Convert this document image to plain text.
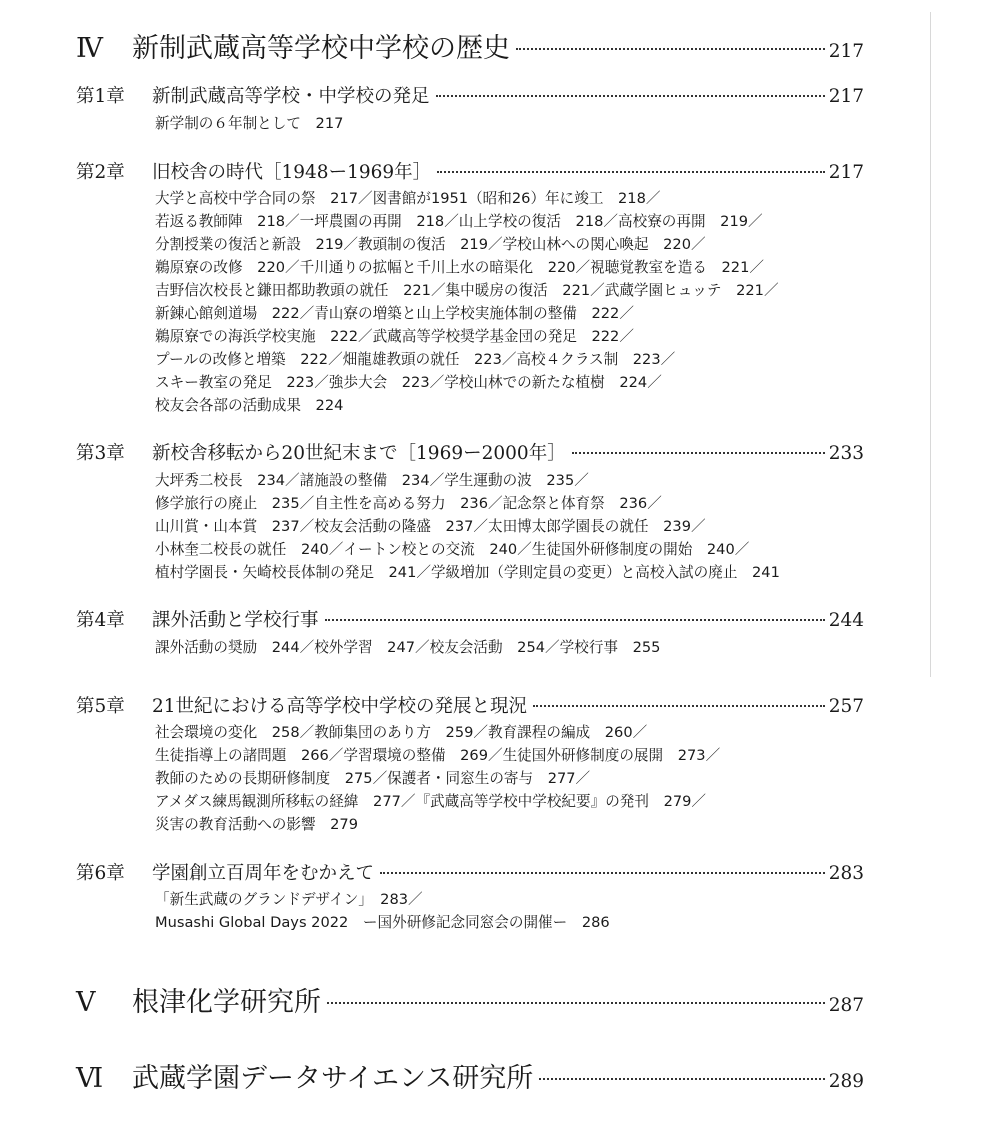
Ⅳ	新制武蔵高等学校中学校の歴史	217
第1章	新制武蔵高等学校・中学校の発足	217
新学制の６年制として　217
第2章	旧校舎の時代［1948ー1969年］	217
大学と高校中学合同の祭　217／図書館が1951（昭和26）年に竣工　218／
若返る教師陣　218／一坪農園の再開　218／山上学校の復活　218／高校寮の再開　219／
分割授業の復活と新設　219／教頭制の復活　219／学校山林への関心喚起　220／
鵜原寮の改修　220／千川通りの拡幅と千川上水の暗渠化　220／視聴覚教室を造る　221／
吉野信次校長と鎌田都助教頭の就任　221／集中暖房の復活　221／武蔵学園ヒュッテ　221／
新錬心館剣道場　222／青山寮の増築と山上学校実施体制の整備　222／
鵜原寮での海浜学校実施　222／武蔵高等学校奨学基金団の発足　222／
プールの改修と増築　222／畑龍雄教頭の就任　223／高校４クラス制　223／
スキー教室の発足　223／強歩大会　223／学校山林での新たな植樹　224／
校友会各部の活動成果　224
第3章	新校舎移転から20世紀末まで［1969ー2000年］	233
大坪秀二校長　234／諸施設の整備　234／学生運動の波　235／
修学旅行の廃止　235／自主性を高める努力　236／記念祭と体育祭　236／
山川賞・山本賞　237／校友会活動の隆盛　237／太田博太郎学園長の就任　239／
小林奎二校長の就任　240／イートン校との交流　240／生徒国外研修制度の開始　240／
植村学園長・矢崎校長体制の発足　241／学級増加（学則定員の変更）と高校入試の廃止　241
第4章	課外活動と学校行事	244
課外活動の奨励　244／校外学習　247／校友会活動　254／学校行事　255
第5章	21世紀における高等学校中学校の発展と現況	257
社会環境の変化　258／教師集団のあり方　259／教育課程の編成　260／
生徒指導上の諸問題　266／学習環境の整備　269／生徒国外研修制度の展開　273／
教師のための長期研修制度　275／保護者・同窓生の寄与　277／
アメダス練馬観測所移転の経緯　277／『武蔵高等学校中学校紀要』の発刊　279／
災害の教育活動への影響　279
第6章	学園創立百周年をむかえて	283
「新生武蔵のグランドデザイン」　283／
Musashi Global Days 2022　ー国外研修記念同窓会の開催ー　286
Ⅴ	根津化学研究所	287
Ⅵ	武蔵学園データサイエンス研究所	289
